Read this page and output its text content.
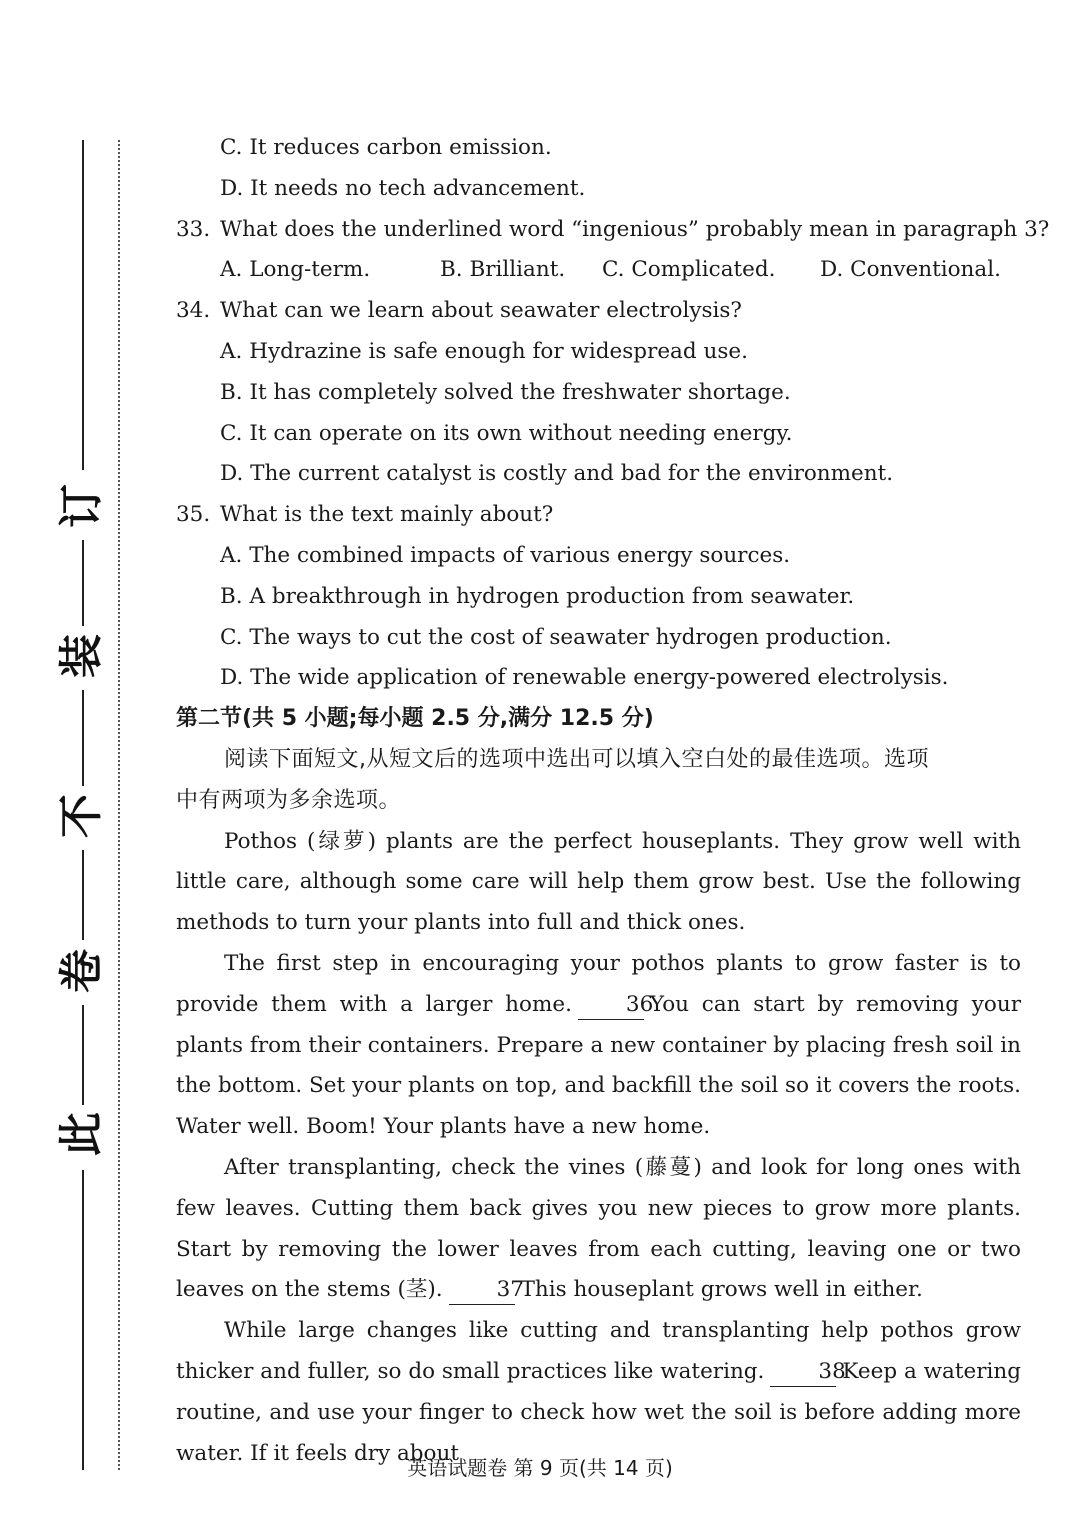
订
装
不
卷
此
C. It reduces carbon emission.
D. It needs no tech advancement.
33. What does the underlined word “ingenious” probably mean in paragraph 3?
A. Long-term.	B. Brilliant.	C. Complicated.	D. Conventional.
34. What can we learn about seawater electrolysis?
A. Hydrazine is safe enough for widespread use.
B. It has completely solved the freshwater shortage.
C. It can operate on its own without needing energy.
D. The current catalyst is costly and bad for the environment.
35. What is the text mainly about?
A. The combined impacts of various energy sources.
B. A breakthrough in hydrogen production from seawater.
C. The ways to cut the cost of seawater hydrogen production.
D. The wide application of renewable energy-powered electrolysis.
第二节(共 5 小题;每小题 2.5 分,满分 12.5 分)
阅读下面短文,从短文后的选项中选出可以填入空白处的最佳选项。选项
中有两项为多余选项。

Pothos (绿萝) plants are the perfect houseplants. They grow well with little care, although some care will help them grow best. Use the following methods to turn your plants into full and thick ones.

The first step in encouraging your pothos plants to grow faster is to provide them with a larger home.	36You can start by removing your plants from their containers. Prepare a new container by placing fresh soil in the bottom. Set your plants on top, and backfill the soil so it covers the roots. Water well. Boom! Your plants have a new home.

After transplanting, check the vines (藤蔓) and look for long ones with few leaves. Cutting them back gives you new pieces to grow more plants. Start by removing the lower leaves from each cutting, leaving one or two leaves on the stems (茎).	37This houseplant grows well in either.

While large changes like cutting and transplanting help pothos grow thicker and fuller, so do small practices like watering.	38Keep a watering routine, and use your finger to check how wet the soil is before adding more water. If it feels dry about

英语试题卷 第 9 页(共 14 页)
